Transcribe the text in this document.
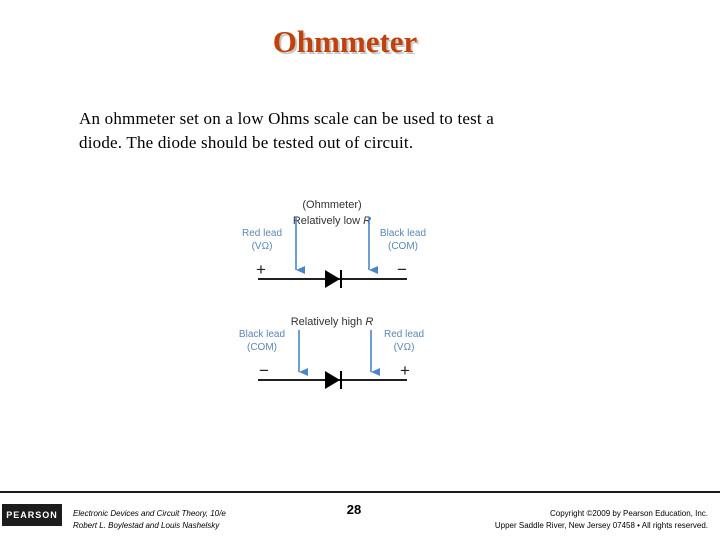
Ohmmeter
An ohmmeter set on a low Ohms scale can be used to test a
diode. The diode should be tested out of circuit.
(Ohmmeter)
Relatively low R
Red lead (VΩ)
Black lead (COM)
+	−
Relatively high R
Black lead (COM)
Red lead (VΩ)
−	+
PEARSON	Electronic Devices and Circuit Theory, 10/e
Robert L. Boylestad and Louis Nashelsky
28	Copyright ©2009 by Pearson Education, Inc.
Upper Saddle River, New Jersey 07458 • All rights reserved.
